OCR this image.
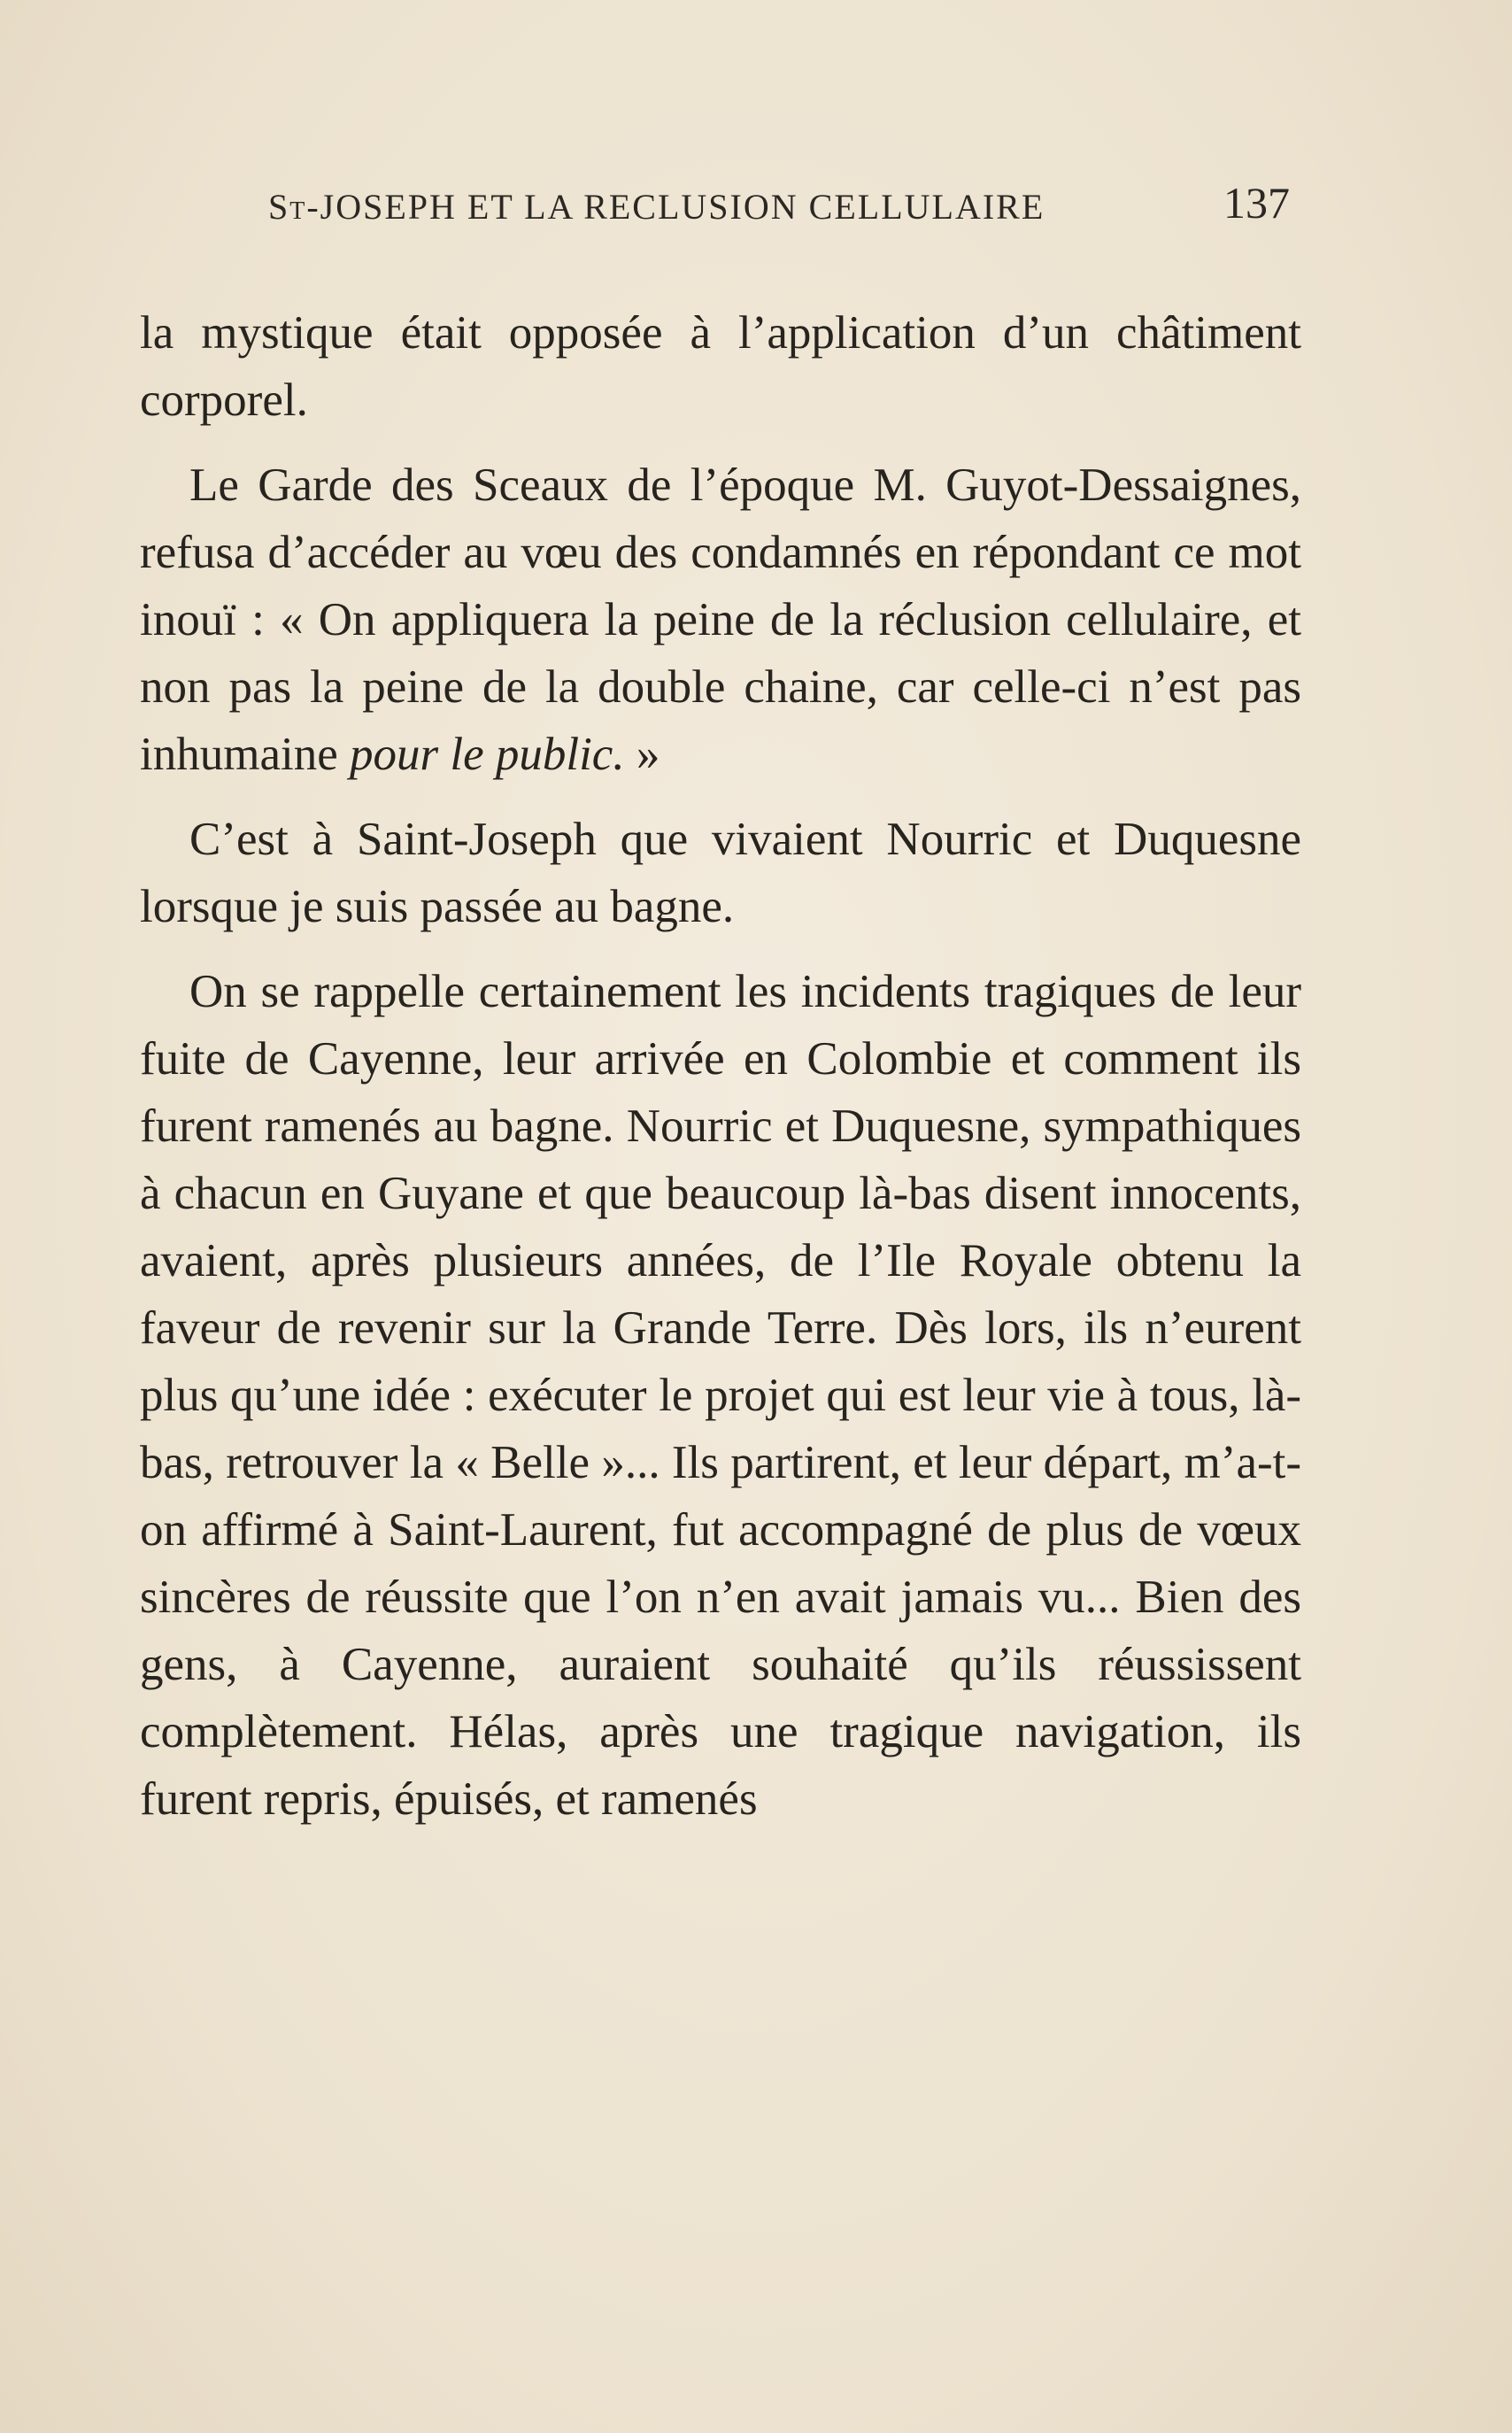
St-JOSEPH ET LA RECLUSION CELLULAIRE	137

la mystique était opposée à l’application d’un châtiment corporel.

Le Garde des Sceaux de l’époque M. Guyot-Dessaignes, refusa d’accéder au vœu des condamnés en répondant ce mot inouï : « On appliquera la peine de la réclusion cellulaire, et non pas la peine de la double chaine, car celle-ci n’est pas inhumaine pour le public. »

C’est à Saint-Joseph que vivaient Nourric et Duquesne lorsque je suis passée au bagne.

On se rappelle certainement les incidents tragiques de leur fuite de Cayenne, leur arrivée en Colombie et comment ils furent ramenés au bagne. Nourric et Duquesne, sympathiques à chacun en Guyane et que beaucoup là-bas disent innocents, avaient, après plusieurs années, de l’Ile Royale obtenu la faveur de revenir sur la Grande Terre. Dès lors, ils n’eurent plus qu’une idée : exécuter le projet qui est leur vie à tous, là-bas, retrouver la « Belle »... Ils partirent, et leur départ, m’a-t-on affirmé à Saint-Laurent, fut accompagné de plus de vœux sincères de réussite que l’on n’en avait jamais vu... Bien des gens, à Cayenne, auraient souhaité qu’ils réussissent complètement. Hélas, après une tragique navigation, ils furent repris, épuisés, et ramenés
